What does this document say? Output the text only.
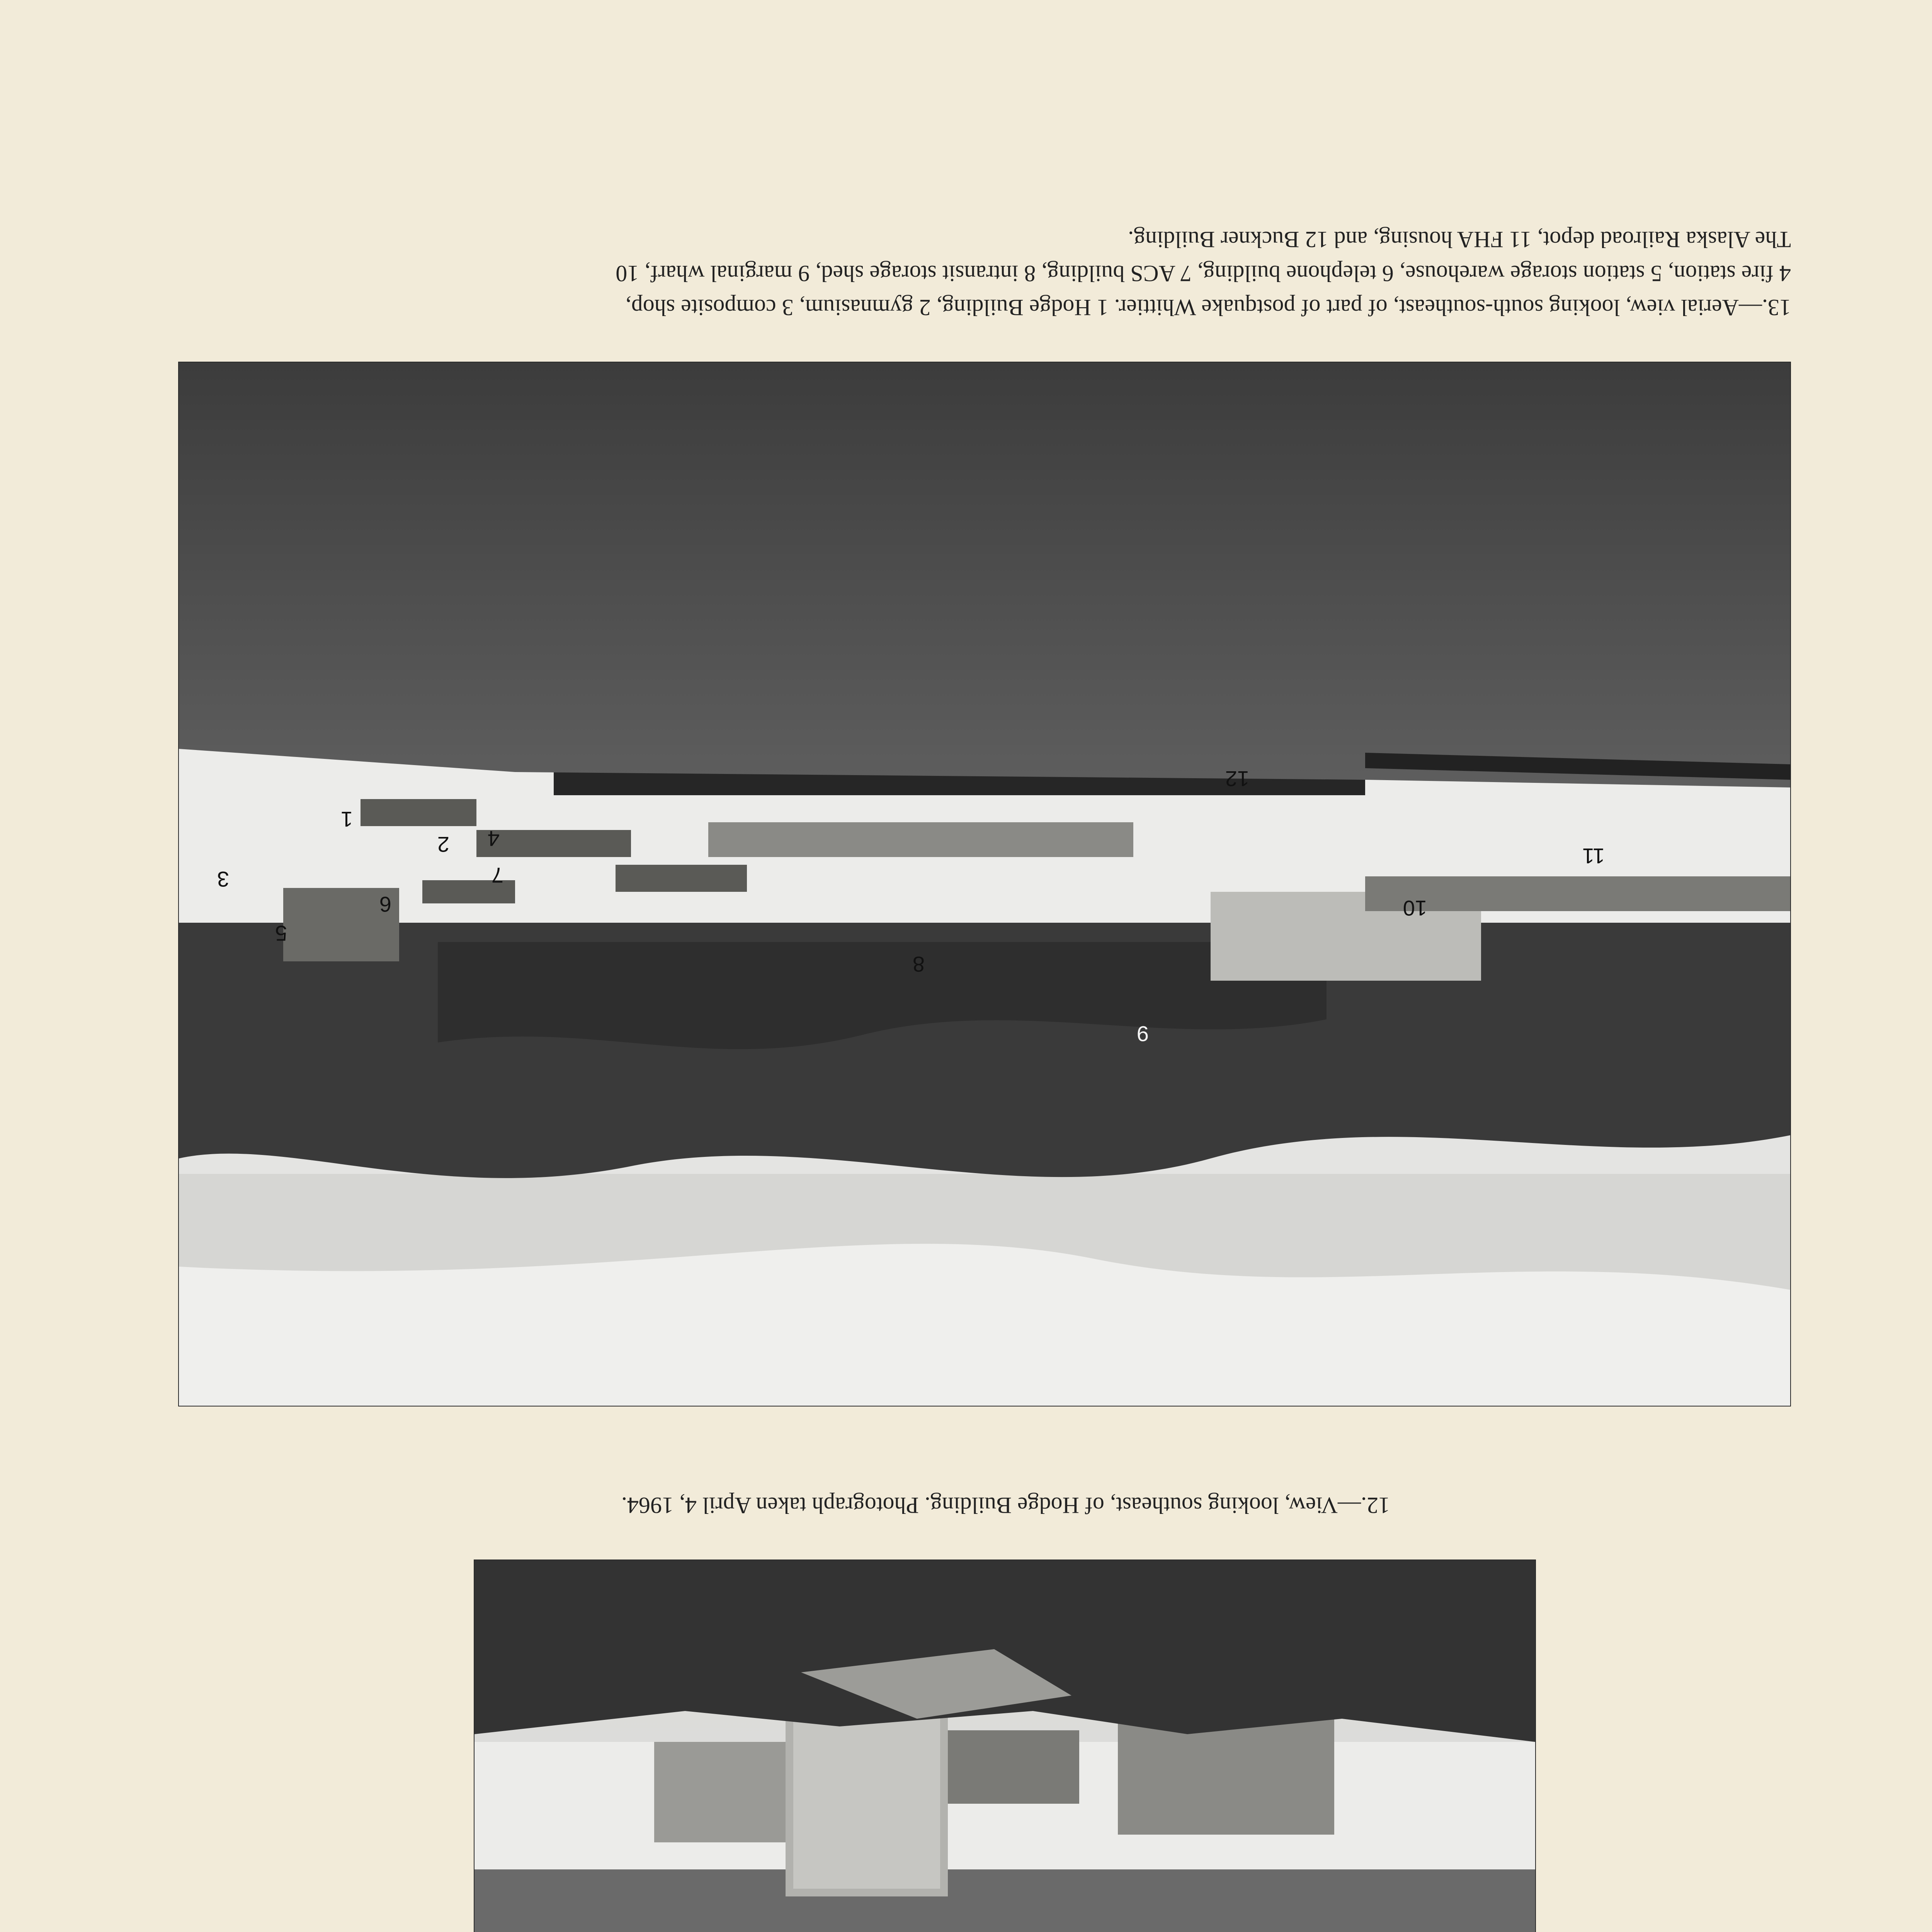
12.—View, looking southeast, of Hodge Building. Photograph taken April 4, 1964.
1
2
3
4
5
6
7
8
9
10
11
12
13.—Aerial view, looking south-southeast, of part of postquake Whittier. 1 Hodge Building, 2 gymnasium, 3 composite shop,
4 fire station, 5 station storage warehouse, 6 telephone building, 7 ACS building, 8 intransit storage shed, 9 marginal wharf, 10
The Alaska Railroad depot, 11 FHA housing, and 12 Buckner Building.
